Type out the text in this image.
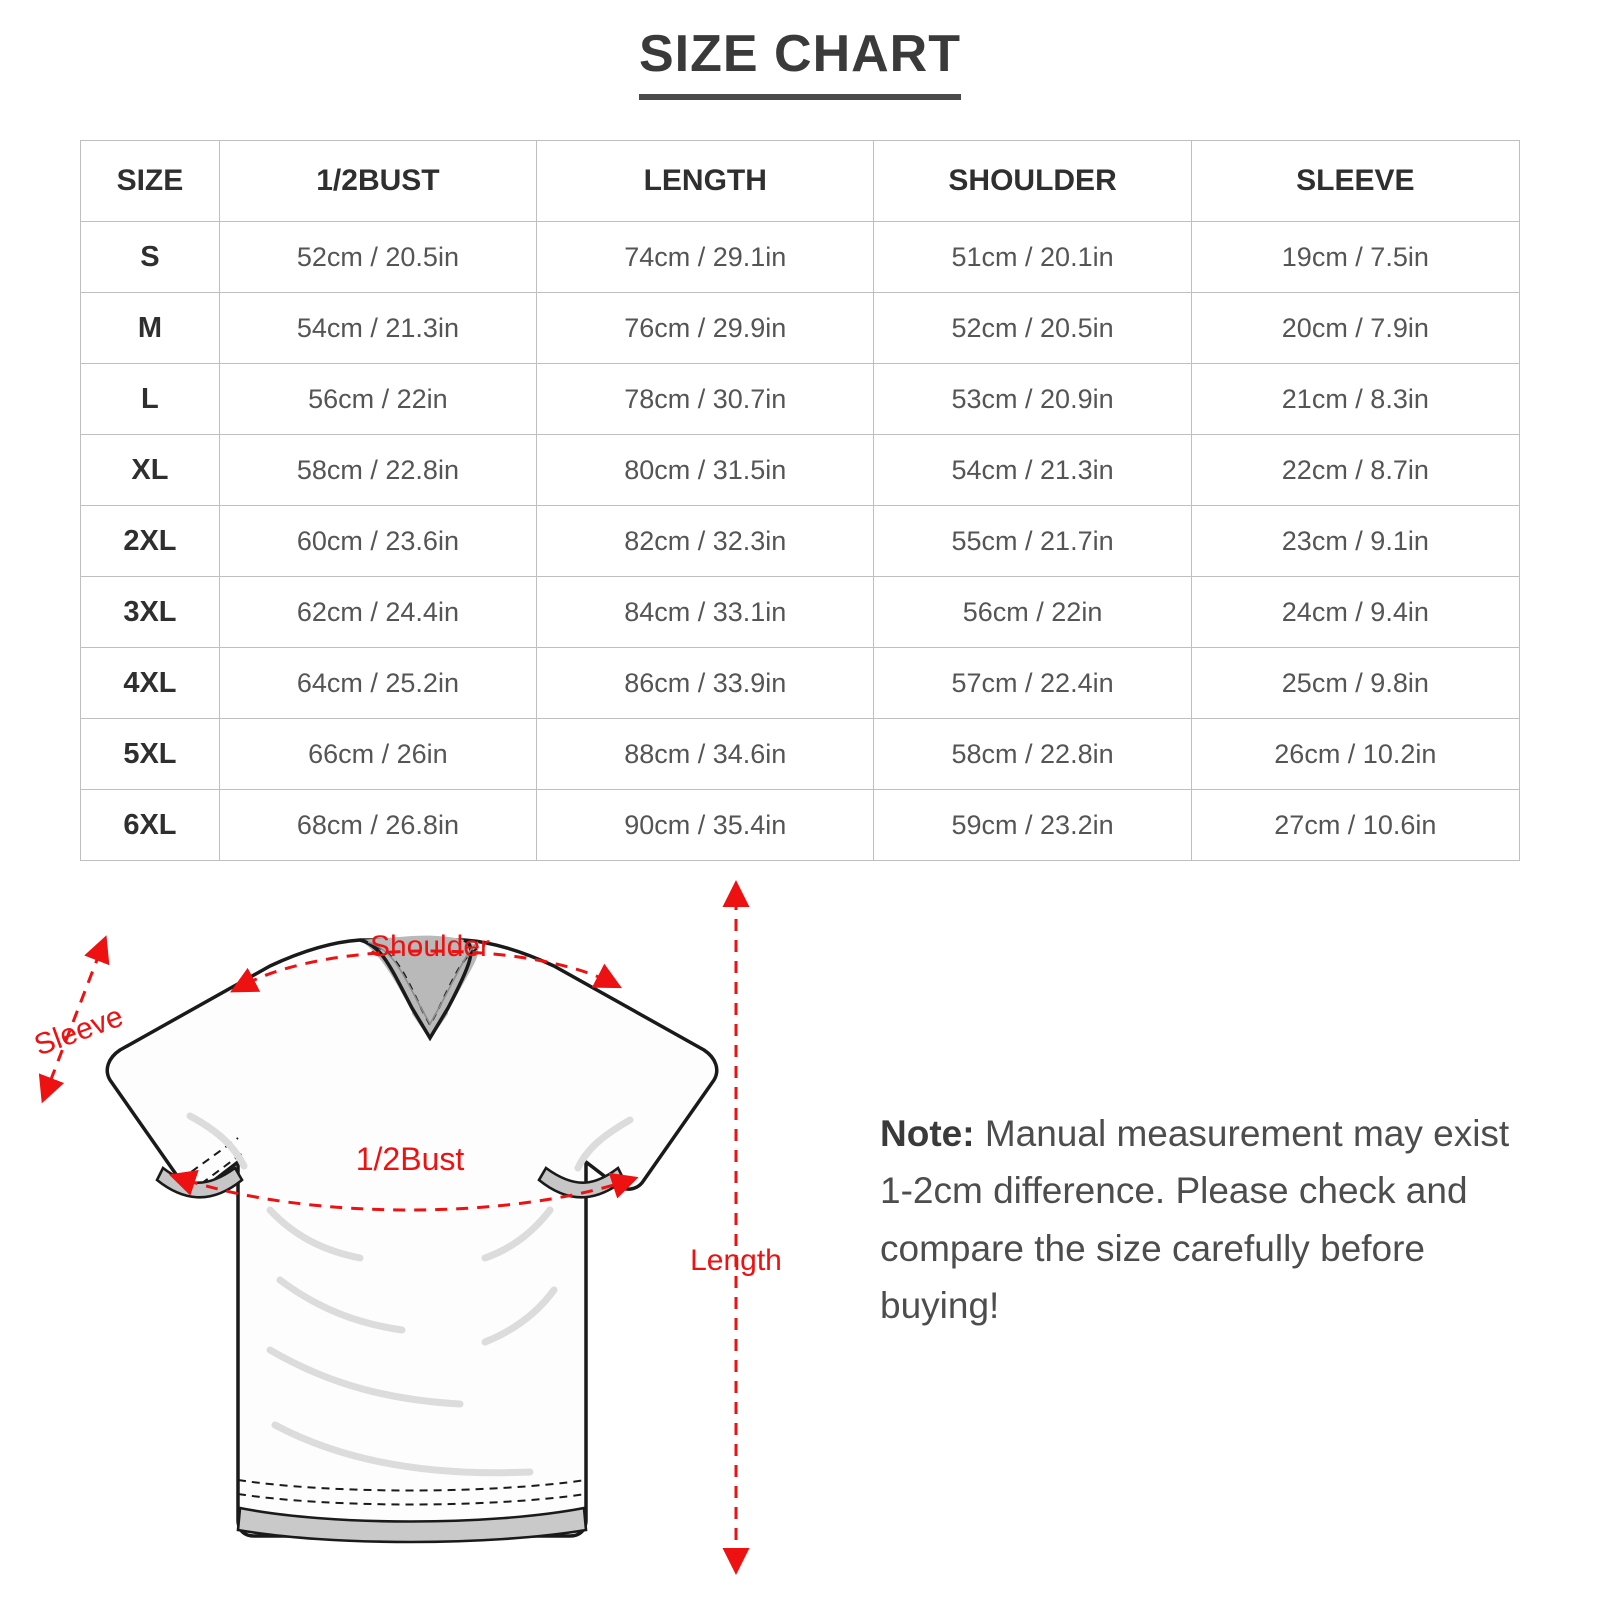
SIZE CHART
SIZE	1/2BUST	LENGTH	SHOULDER	SLEEVE
S	52cm / 20.5in	74cm / 29.1in	51cm / 20.1in	19cm / 7.5in
M	54cm / 21.3in	76cm / 29.9in	52cm / 20.5in	20cm / 7.9in
L	56cm / 22in	78cm / 30.7in	53cm / 20.9in	21cm / 8.3in
XL	58cm / 22.8in	80cm / 31.5in	54cm / 21.3in	22cm / 8.7in
2XL	60cm / 23.6in	82cm / 32.3in	55cm / 21.7in	23cm / 9.1in
3XL	62cm / 24.4in	84cm / 33.1in	56cm / 22in	24cm / 9.4in
4XL	64cm / 25.2in	86cm / 33.9in	57cm / 22.4in	25cm / 9.8in
5XL	66cm / 26in	88cm / 34.6in	58cm / 22.8in	26cm / 10.2in
6XL	68cm / 26.8in	90cm / 35.4in	59cm / 23.2in	27cm / 10.6in
Shoulder
Sleeve
1/2Bust
Length
Note: Manual measurement may exist 1-2cm difference. Please check and compare the size carefully before buying!
